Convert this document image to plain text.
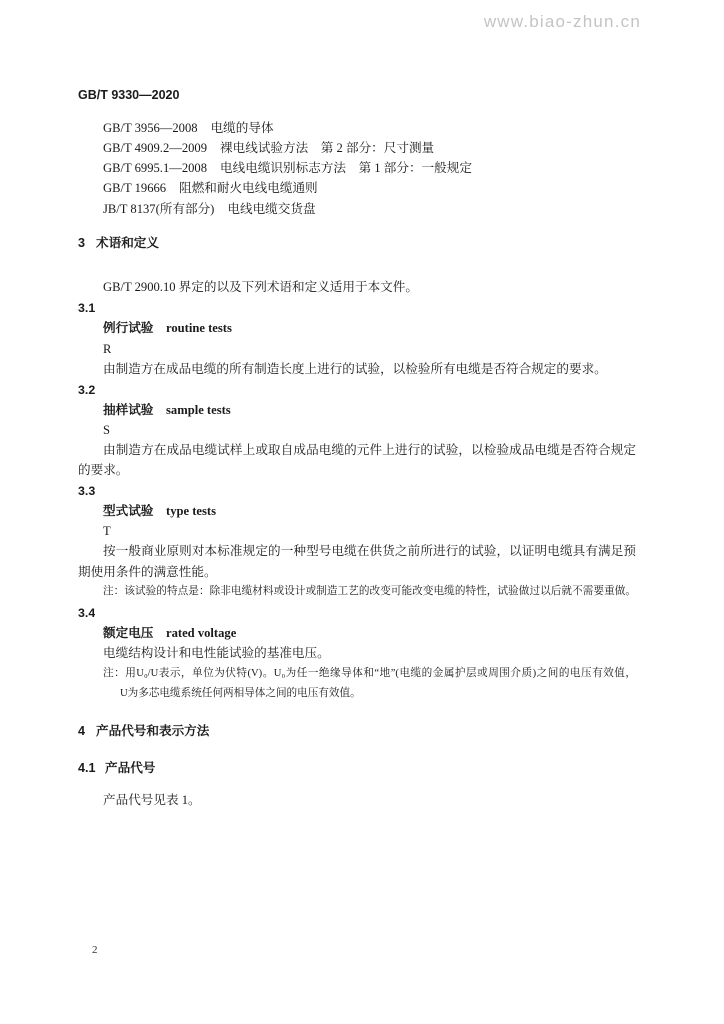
www.biao-zhun.cn
GB/T 9330—2020
GB/T 3956—2008 电缆的导体
GB/T 4909.2—2009 裸电线试验方法　第 2 部分：尺寸测量
GB/T 6995.1—2008 电线电缆识别标志方法　第 1 部分：一般规定
GB/T 19666 阻燃和耐火电线电缆通则
JB/T 8137(所有部分) 电线电缆交货盘
3 术语和定义
GB/T 2900.10 界定的以及下列术语和定义适用于本文件。
3.1
例行试验 routine tests
R
由制造方在成品电缆的所有制造长度上进行的试验，以检验所有电缆是否符合规定的要求。
3.2
抽样试验 sample tests
S
由制造方在成品电缆试样上或取自成品电缆的元件上进行的试验，以检验成品电缆是否符合规定
的要求。
3.3
型式试验 type tests
T
按一般商业原则对本标准规定的一种型号电缆在供货之前所进行的试验，以证明电缆具有满足预
期使用条件的满意性能。
注：该试验的特点是：除非电缆材料或设计或制造工艺的改变可能改变电缆的特性，试验做过以后就不需要重做。
3.4
额定电压 rated voltage
电缆结构设计和电性能试验的基准电压。
注：用U₀/U表示，单位为伏特(V)。U₀为任一绝缘导体和“地”(电缆的金属护层或周围介质)之间的电压有效值，
U为多芯电缆系统任何两相导体之间的电压有效值。
4 产品代号和表示方法
4.1 产品代号
产品代号见表 1。
2
